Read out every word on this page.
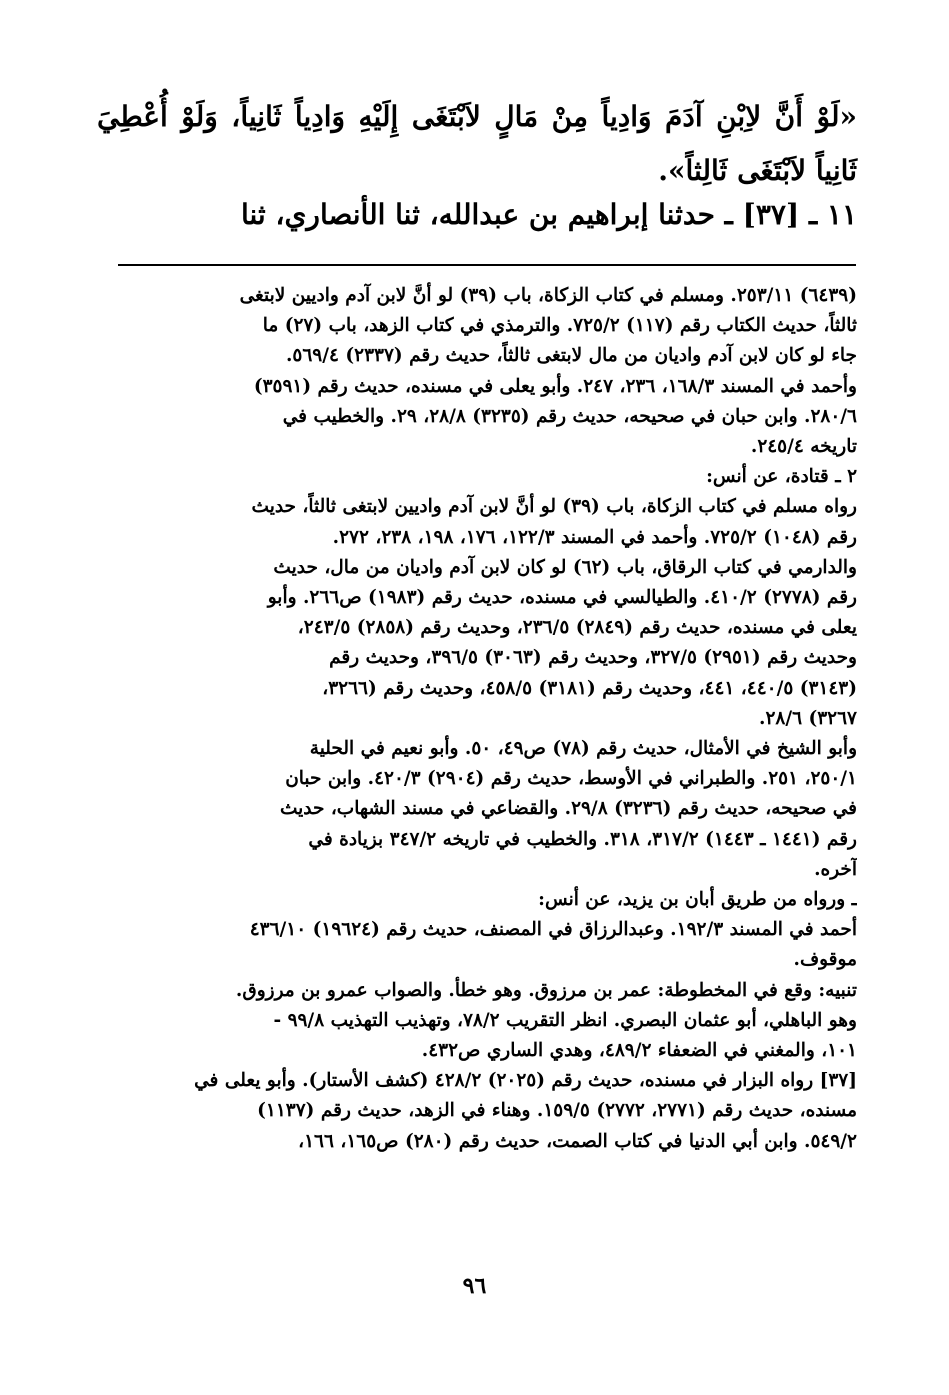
«لَوْ أَنَّ لاِبْنِ آدَمَ وَادِياً مِنْ مَالٍ لاَبْتَغَى إِلَيْهِ وَادِياً ثَانِياً، وَلَوْ أُعْطِيَ ثَانِياً لاَبْتَغَى ثَالِثاً».
١١ ـ [٣٧] ـ حدثنا إبراهيم بن عبدالله، ثنا الأنصاري، ثنا
(٦٤٣٩) ٢٥٣/١١. ومسلم في كتاب الزكاة، باب (٣٩) لو أنَّ لابن آدم واديين لابتغى
ثالثاً، حديث الكتاب رقم (١١٧) ٧٢٥/٢. والترمذي في كتاب الزهد، باب (٢٧) ما
جاء لو كان لابن آدم واديان من مال لابتغى ثالثاً، حديث رقم (٢٣٣٧) ٥٦٩/٤.
وأحمد في المسند ١٦٨/٣، ٢٣٦، ٢٤٧. وأبو يعلى في مسنده، حديث رقم (٣٥٩١)
٢٨٠/٦. وابن حبان في صحيحه، حديث رقم (٣٢٣٥) ٢٨/٨، ٢٩. والخطيب في
تاريخه ٢٤٥/٤.
٢ ـ قتادة، عن أنس:
رواه مسلم في كتاب الزكاة، باب (٣٩) لو أنَّ لابن آدم واديين لابتغى ثالثاً، حديث
رقم (١٠٤٨) ٧٢٥/٢. وأحمد في المسند ١٢٢/٣، ١٧٦، ١٩٨، ٢٣٨، ٢٧٢.
والدارمي في كتاب الرقاق، باب (٦٢) لو كان لابن آدم واديان من مال، حديث
رقم (٢٧٧٨) ٤١٠/٢. والطيالسي في مسنده، حديث رقم (١٩٨٣) ص٢٦٦. وأبو
يعلى في مسنده، حديث رقم (٢٨٤٩) ٢٣٦/٥، وحديث رقم (٢٨٥٨) ٢٤٣/٥،
وحديث رقم (٢٩٥١) ٣٢٧/٥، وحديث رقم (٣٠٦٣) ٣٩٦/٥، وحديث رقم
(٣١٤٣) ٤٤٠/٥، ٤٤١، وحديث رقم (٣١٨١) ٤٥٨/٥، وحديث رقم (٣٢٦٦،
٣٢٦٧) ٢٨/٦.
وأبو الشيخ في الأمثال، حديث رقم (٧٨) ص٤٩، ٥٠. وأبو نعيم في الحلية
٢٥٠/١، ٢٥١. والطبراني في الأوسط، حديث رقم (٢٩٠٤) ٤٢٠/٣. وابن حبان
في صحيحه، حديث رقم (٣٢٣٦) ٢٩/٨. والقضاعي في مسند الشهاب، حديث
رقم (١٤٤١ ـ ١٤٤٣) ٣١٧/٢، ٣١٨. والخطيب في تاريخه ٣٤٧/٢ بزيادة في
آخره.
ـ ورواه من طريق أبان بن يزيد، عن أنس:
أحمد في المسند ١٩٢/٣. وعبدالرزاق في المصنف، حديث رقم (١٩٦٢٤) ٤٣٦/١٠
موقوف.
تنبيه: وقع في المخطوطة: عمر بن مرزوق. وهو خطأ. والصواب عمرو بن مرزوق.
وهو الباهلي، أبو عثمان البصري. انظر التقريب ٧٨/٢، وتهذيب التهذيب ٩٩/٨ -
١٠١، والمغني في الضعفاء ٤٨٩/٢، وهدي الساري ص٤٣٢.
[٣٧] رواه البزار في مسنده، حديث رقم (٢٠٢٥) ٤٢٨/٢ (كشف الأستار). وأبو يعلى في
مسنده، حديث رقم (٢٧٧١، ٢٧٧٢) ١٥٩/٥. وهناء في الزهد، حديث رقم (١١٣٧)
٥٤٩/٢. وابن أبي الدنيا في كتاب الصمت، حديث رقم (٢٨٠) ص١٦٥، ١٦٦،
٩٦
